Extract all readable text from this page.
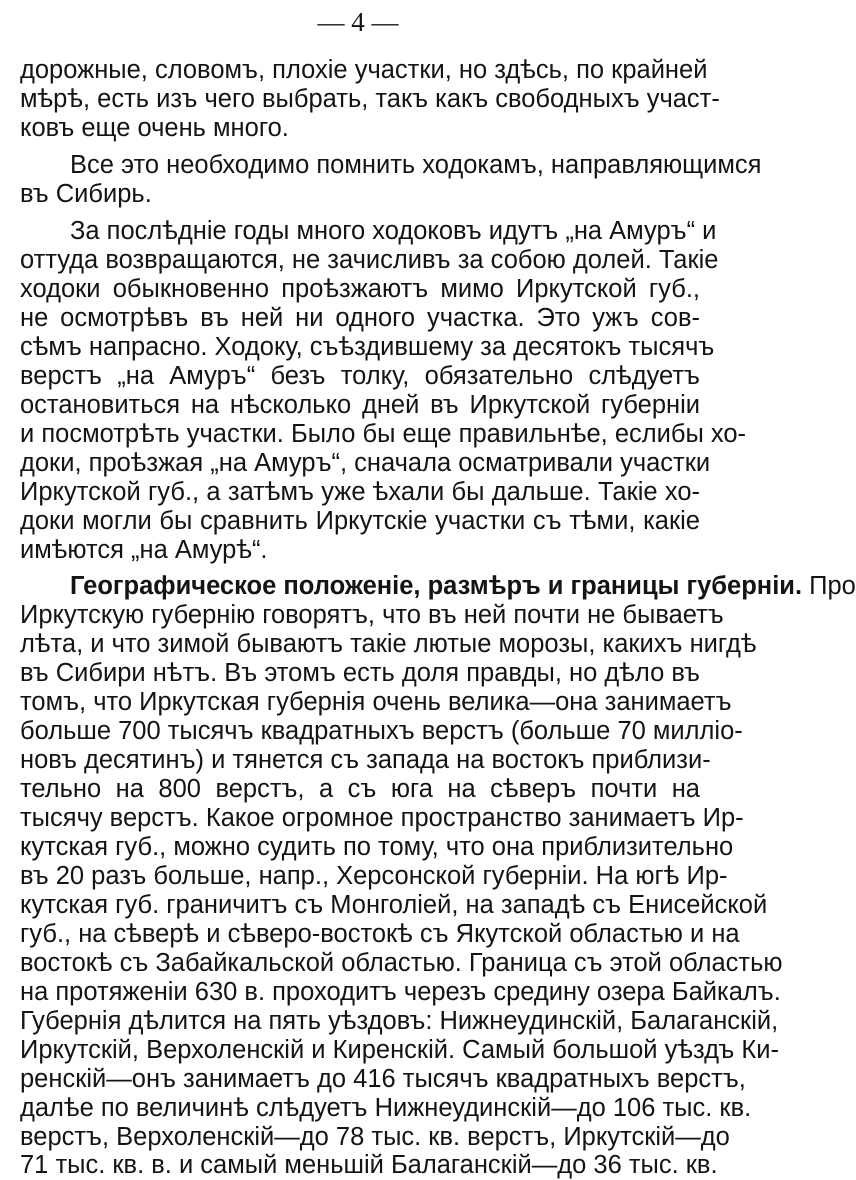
— 4 —
дорожные, словомъ, плохіе участки, но здѣсь, по крайней
мѣрѣ, есть изъ чего выбрать, такъ какъ свободныхъ участ-
ковъ еще очень много.
Все это необходимо помнить ходокамъ, направляющимся
въ Сибирь.
За послѣдніе годы много ходоковъ идутъ „на Амуръ“ и
оттуда возвращаются, не зачисливъ за собою долей. Такіе
ходоки обыкновенно проѣзжаютъ мимо Иркутской губ.,
не осмотрѣвъ въ ней ни одного участка. Это ужъ сов-
сѣмъ напрасно. Ходоку, съѣздившему за десятокъ тысячъ
верстъ „на Амуръ“ безъ толку, обязательно слѣдуетъ
остановиться на нѣсколько дней въ Иркутской губерніи
и посмотрѣть участки. Было бы еще правильнѣе, еслибы хо-
доки, проѣзжая „на Амуръ“, сначала осматривали участки
Иркутской губ., а затѣмъ уже ѣхали бы дальше. Такіе хо-
доки могли бы сравнить Иркутскіе участки съ тѣми, какіе
имѣются „на Амурѣ“.
Географическое положеніе, размѣръ и границы губерніи. Про
Иркутскую губернію говорятъ, что въ ней почти не бываетъ
лѣта, и что зимой бываютъ такіе лютые морозы, какихъ нигдѣ
въ Сибири нѣтъ. Въ этомъ есть доля правды, но дѣло въ
томъ, что Иркутская губернія очень велика—она занимаетъ
больше 700 тысячъ квадратныхъ верстъ (больше 70 милліо-
новъ десятинъ) и тянется съ запада на востокъ приблизи-
тельно на 800 верстъ, а съ юга на сѣверъ почти на
тысячу верстъ. Какое огромное пространство занимаетъ Ир-
кутская губ., можно судить по тому, что она приблизительно
въ 20 разъ больше, напр., Херсонской губерніи. На югѣ Ир-
кутская губ. граничитъ съ Монголіей, на западѣ съ Енисейской
губ., на сѣверѣ и сѣверо-востокѣ съ Якутской областью и на
востокѣ съ Забайкальской областью. Граница съ этой областью
на протяженіи 630 в. проходитъ черезъ средину озера Байкалъ.
Губернія дѣлится на пять уѣздовъ: Нижнеудинскій, Балаганскій,
Иркутскій, Верхоленскій и Киренскій. Самый большой уѣздъ Ки-
ренскій—онъ занимаетъ до 416 тысячъ квадратныхъ верстъ,
далѣе по величинѣ слѣдуетъ Нижнеудинскій—до 106 тыс. кв.
верстъ, Верхоленскій—до 78 тыс. кв. верстъ, Иркутскій—до
71 тыс. кв. в. и самый меньшій Балаганскій—до 36 тыс. кв.
